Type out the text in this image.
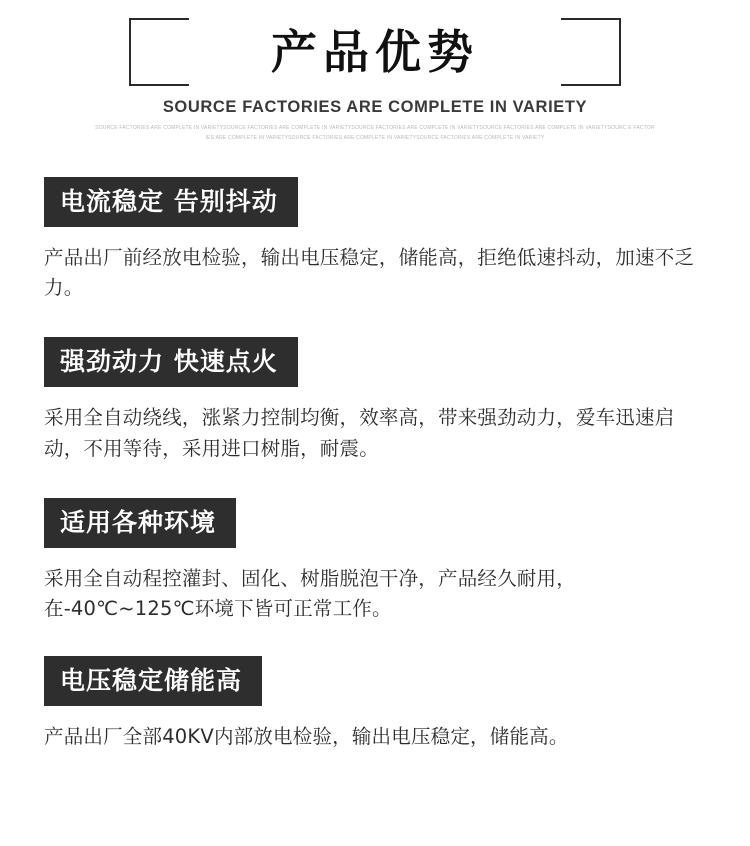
产品优势
SOURCE FACTORIES ARE COMPLETE IN VARIETY
SOURCE FACTORIES ARE COMPLETE IN VARIETYSOURCE FACTORIES ARE COMPLETE IN VARIETYSOURCE FACTORIES ARE COMPLETE IN VARIETYSOURCE FACTORIES ARE COMPLETE IN VARIETYSOURC E FACTORIES ARE COMPLETE IN VARIETYSOURCE FACTORIES ARE COMPLETE IN VARIETYSOURCE FACTORIES ARE COMPLETE IN VARIETY
电流稳定 告别抖动
产品出厂前经放电检验，输出电压稳定，储能高，拒绝低速抖动，加速不乏力。
强劲动力 快速点火
采用全自动绕线，涨紧力控制均衡，效率高，带来强劲动力，爱车迅速启动，不用等待，采用进口树脂，耐震。
适用各种环境
采用全自动程控灌封、固化、树脂脱泡干净，产品经久耐用，在-40℃~125℃环境下皆可正常工作。
电压稳定储能高
产品出厂全部40KV内部放电检验，输出电压稳定，储能高。
